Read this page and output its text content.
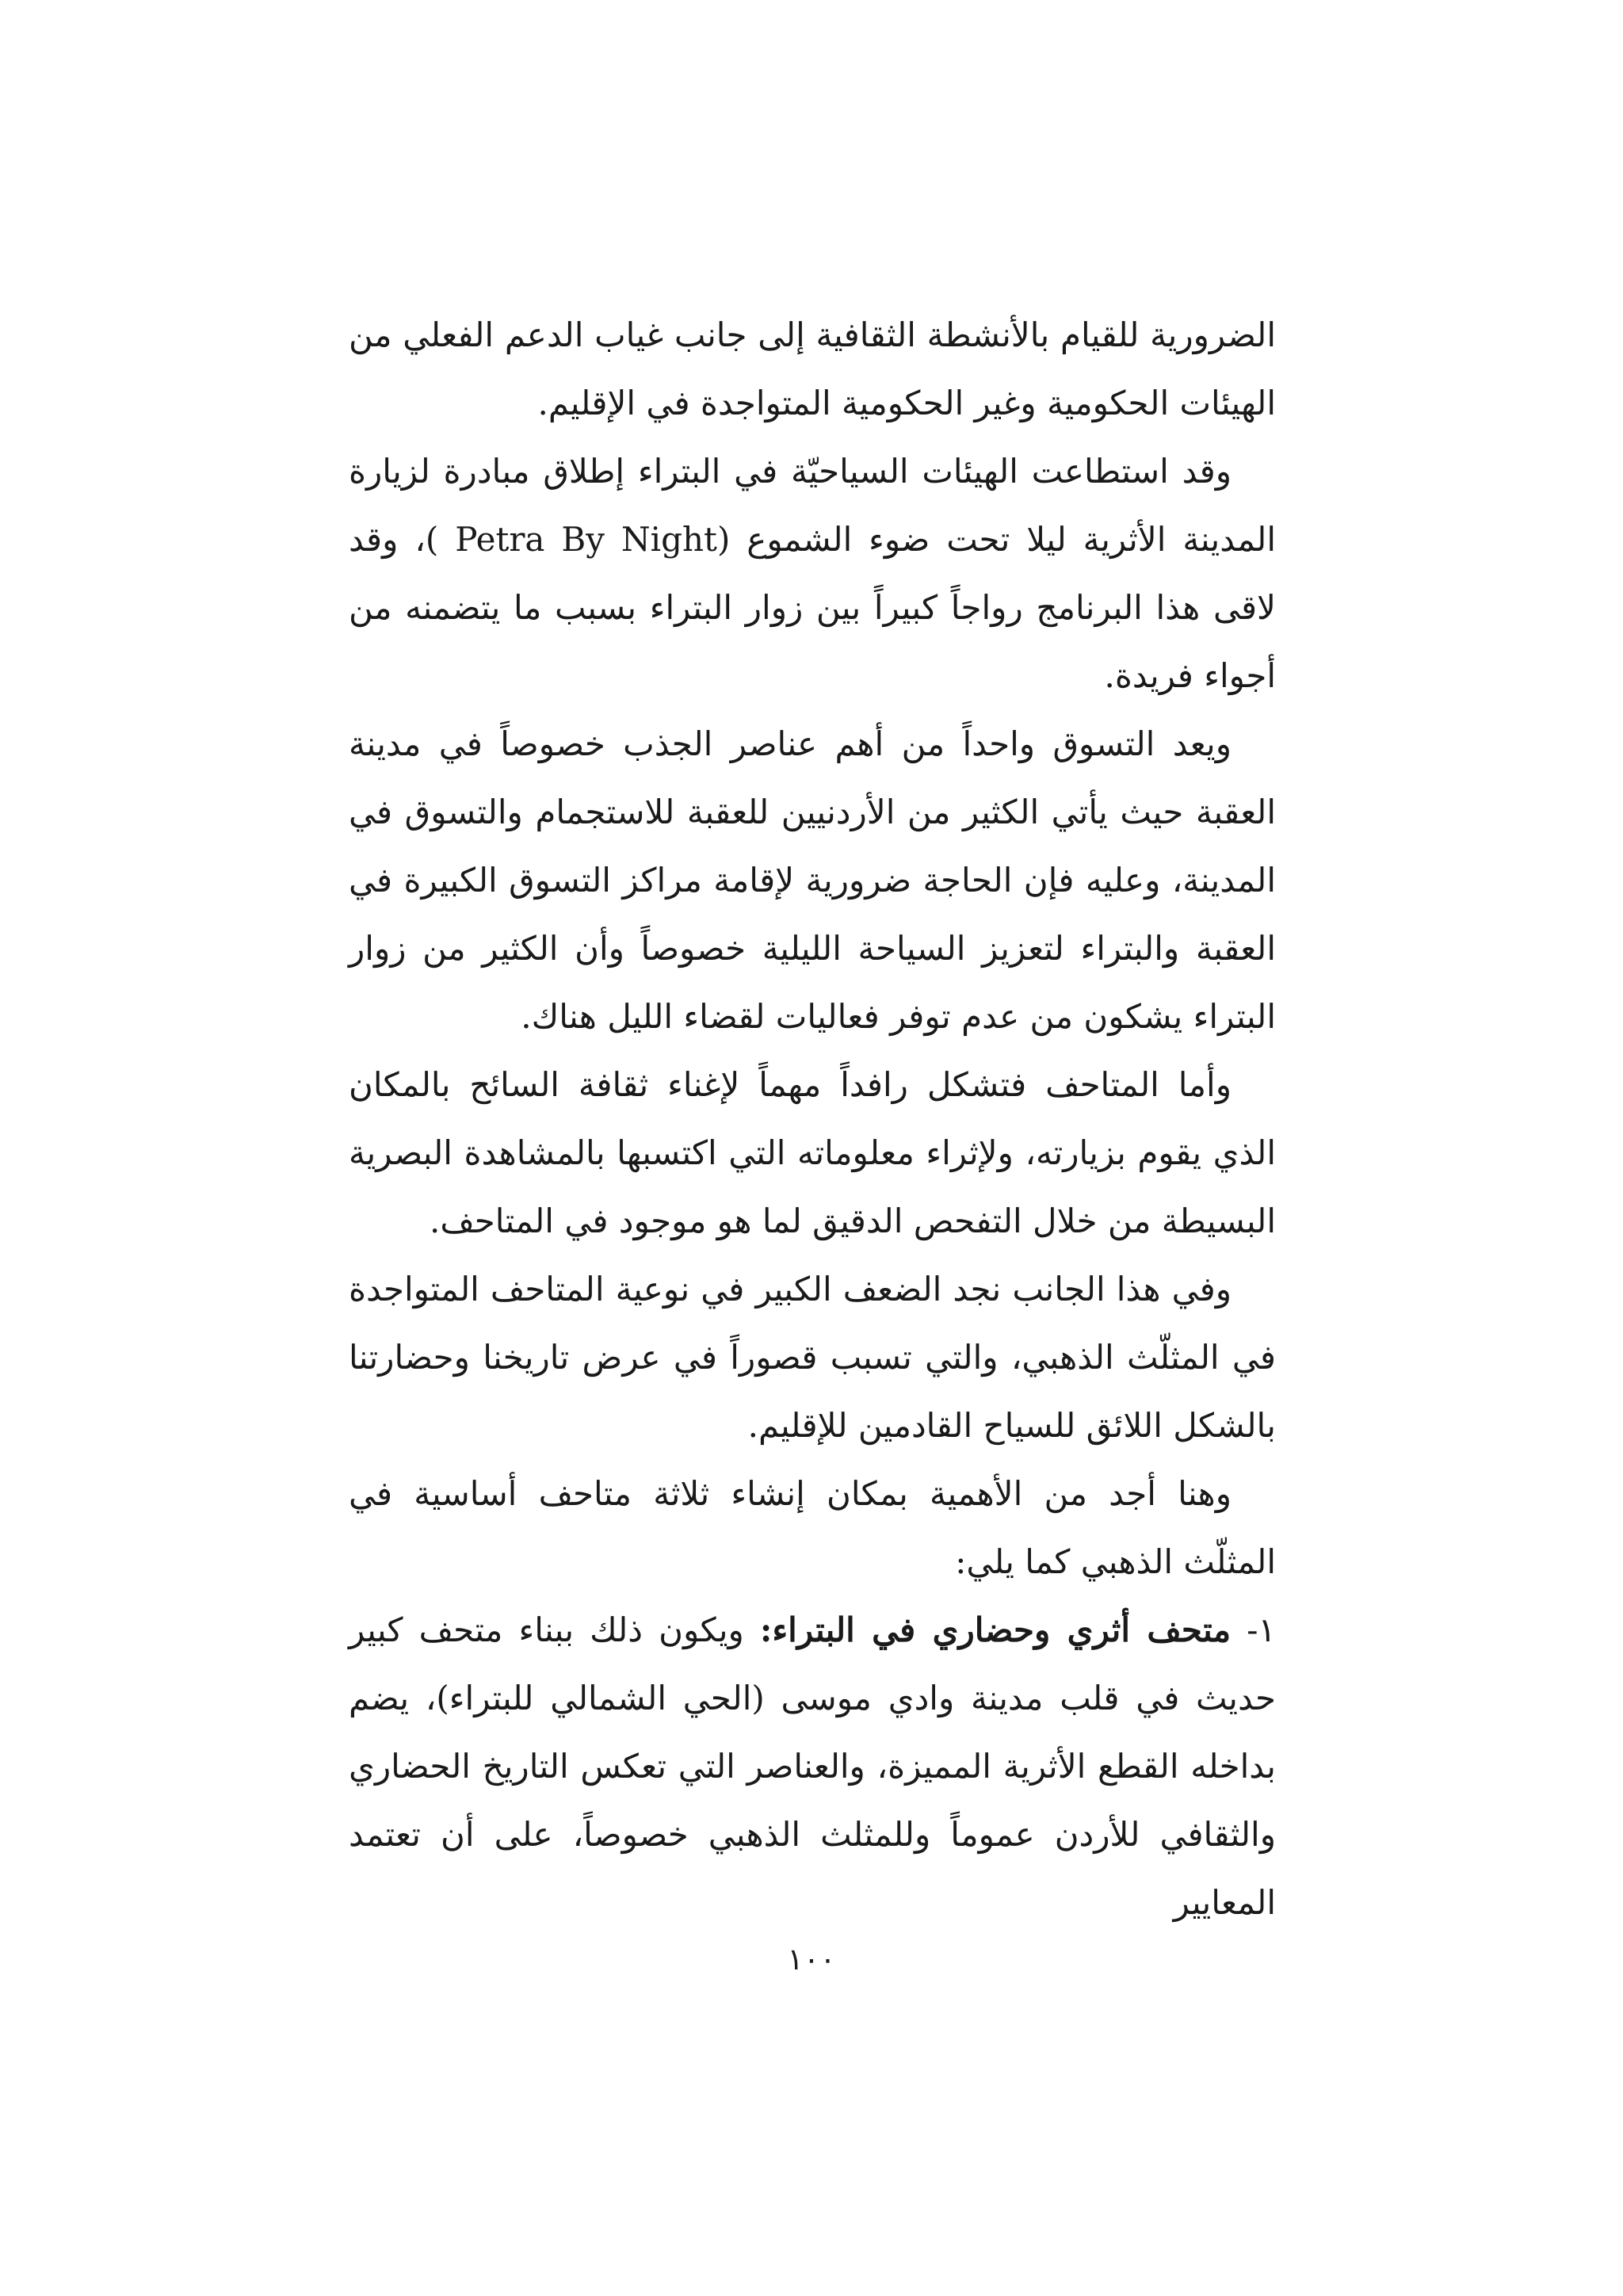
الضرورية للقيام بالأنشطة الثقافية إلى جانب غياب الدعم الفعلي من الهيئات الحكومية وغير الحكومية المتواجدة في الإقليم.

وقد استطاعت الهيئات السياحيّة في البتراء إطلاق مبادرة لزيارة المدينة الأثرية ليلا تحت ضوء الشموع (Petra By Night )، وقد لاقى هذا البرنامج رواجاً كبيراً بين زوار البتراء بسبب ما يتضمنه من أجواء فريدة.

ويعد التسوق واحداً من أهم عناصر الجذب خصوصاً في مدينة العقبة حيث يأتي الكثير من الأردنيين للعقبة للاستجمام والتسوق في المدينة، وعليه فإن الحاجة ضرورية لإقامة مراكز التسوق الكبيرة في العقبة والبتراء لتعزيز السياحة الليلية خصوصاً وأن الكثير من زوار البتراء يشكون من عدم توفر فعاليات لقضاء الليل هناك.

وأما المتاحف فتشكل رافداً مهماً لإغناء ثقافة السائح بالمكان الذي يقوم بزيارته، ولإثراء معلوماته التي اكتسبها بالمشاهدة البصرية البسيطة من خلال التفحص الدقيق لما هو موجود في المتاحف.

وفي هذا الجانب نجد الضعف الكبير في نوعية المتاحف المتواجدة في المثلّث الذهبي، والتي تسبب قصوراً في عرض تاريخنا وحضارتنا بالشكل اللائق للسياح القادمين للإقليم.

وهنا أجد من الأهمية بمكان إنشاء ثلاثة متاحف أساسية في المثلّث الذهبي كما يلي:

١- متحف أثري وحضاري في البتراء: ويكون ذلك ببناء متحف كبير حديث في قلب مدينة وادي موسى (الحي الشمالي للبتراء)، يضم بداخله القطع الأثرية المميزة، والعناصر التي تعكس التاريخ الحضاري والثقافي للأردن عموماً وللمثلث الذهبي خصوصاً، على أن تعتمد المعايير
١٠٠
